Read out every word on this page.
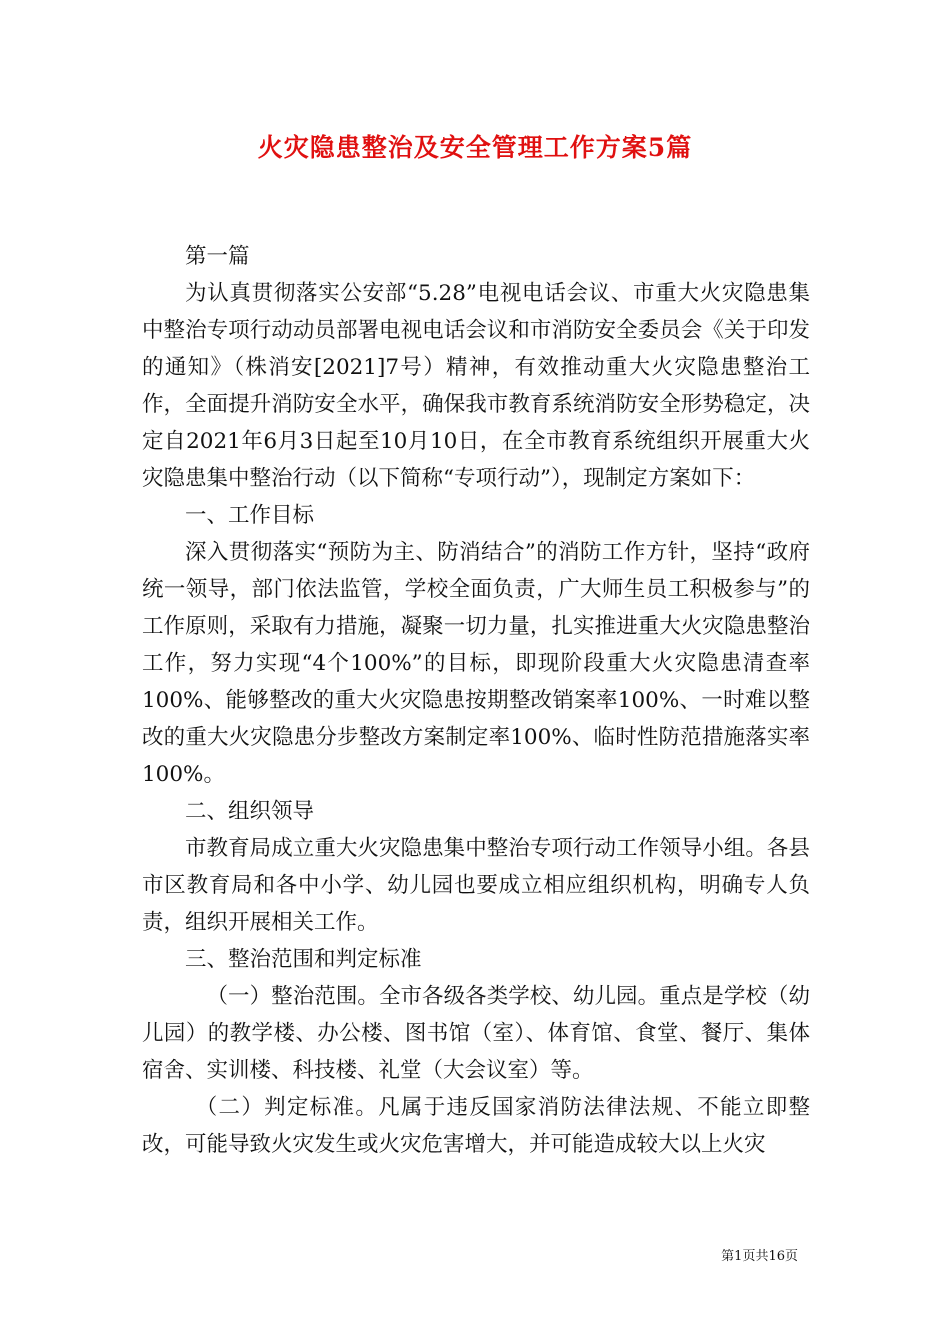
火灾隐患整治及安全管理工作方案5篇

第一篇

为认真贯彻落实公安部“5.28”电视电话会议、市重大火灾隐患集中整治专项行动动员部署电视电话会议和市消防安全委员会《关于印发的通知》（株消安[2021]7号）精神，有效推动重大火灾隐患整治工作，全面提升消防安全水平，确保我市教育系统消防安全形势稳定，决定自2021年6月3日起至10月10日，在全市教育系统组织开展重大火灾隐患集中整治行动（以下简称“专项行动”），现制定方案如下：

一、工作目标

深入贯彻落实“预防为主、防消结合”的消防工作方针，坚持“政府统一领导，部门依法监管，学校全面负责，广大师生员工积极参与”的工作原则，采取有力措施，凝聚一切力量，扎实推进重大火灾隐患整治工作，努力实现“4个100%”的目标，即现阶段重大火灾隐患清查率100%、能够整改的重大火灾隐患按期整改销案率100%、一时难以整改的重大火灾隐患分步整改方案制定率100%、临时性防范措施落实率100%。

二、组织领导

市教育局成立重大火灾隐患集中整治专项行动工作领导小组。各县市区教育局和各中小学、幼儿园也要成立相应组织机构，明确专人负责，组织开展相关工作。

三、整治范围和判定标准

（一）整治范围。全市各级各类学校、幼儿园。重点是学校（幼儿园）的教学楼、办公楼、图书馆（室）、体育馆、食堂、餐厅、集体宿舍、实训楼、科技楼、礼堂（大会议室）等。

（二）判定标准。凡属于违反国家消防法律法规、不能立即整改，可能导致火灾发生或火灾危害增大，并可能造成较大以上火灾

第1页共16页
